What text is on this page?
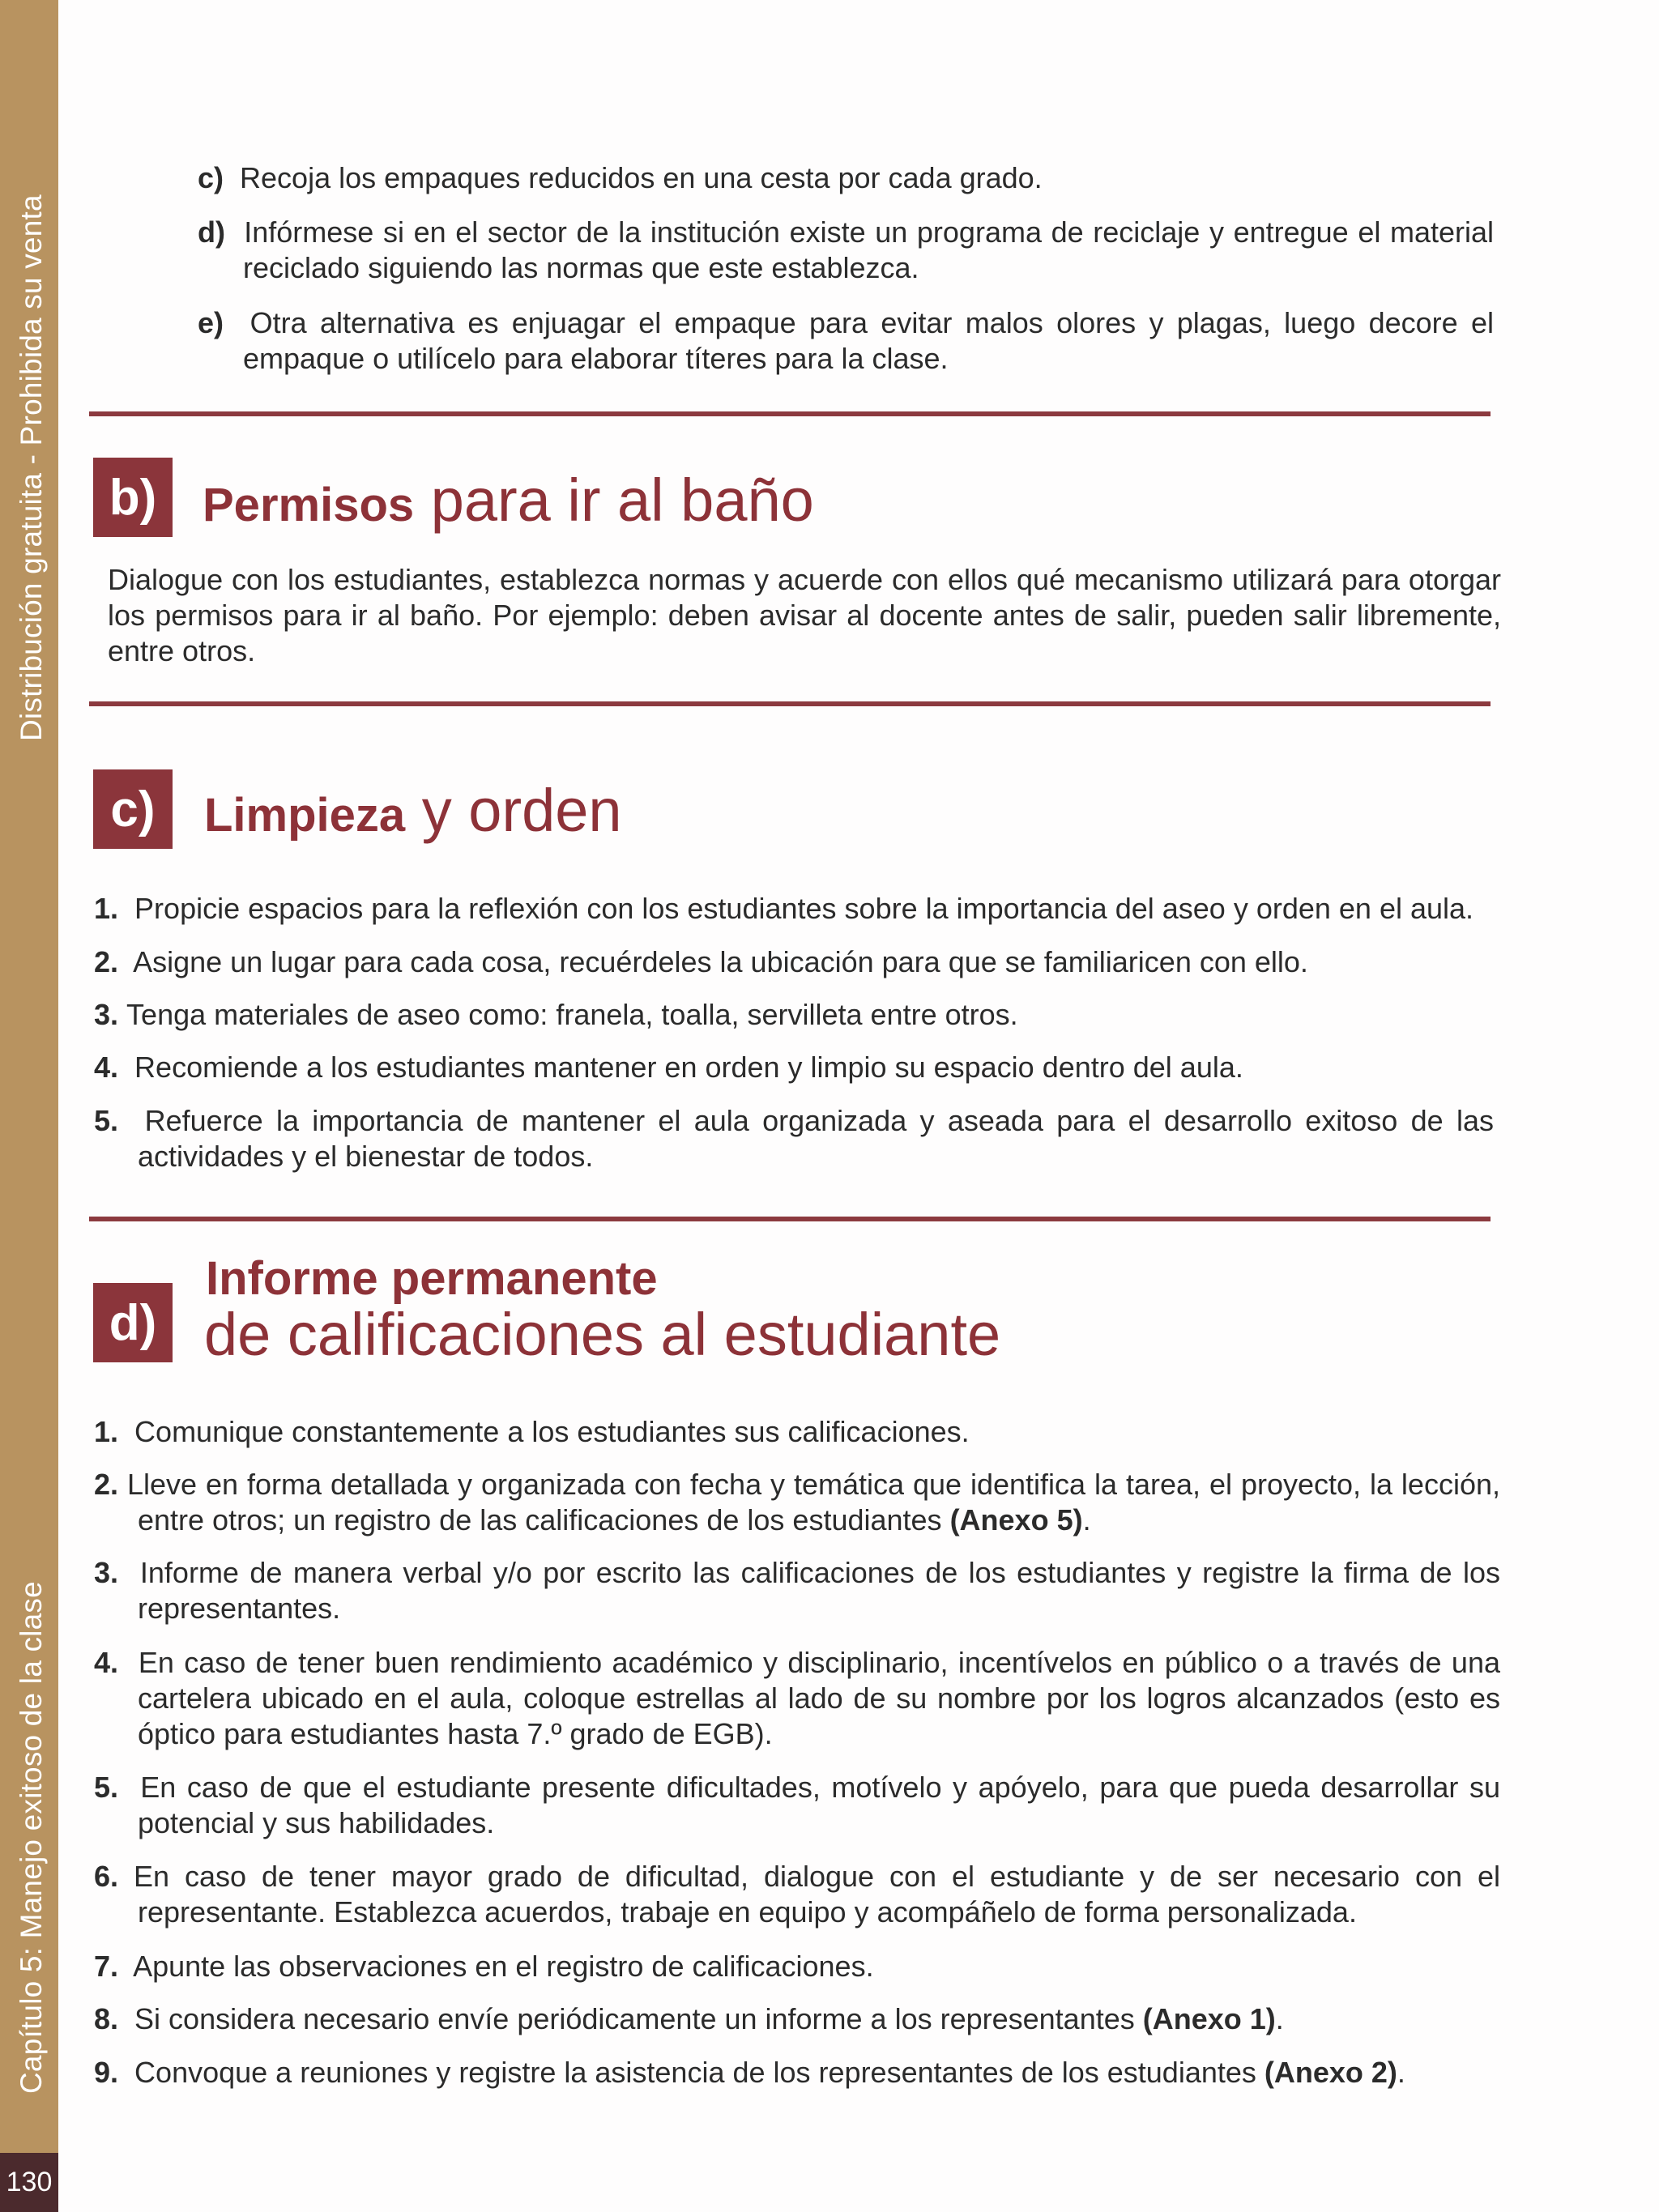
130
Distribución gratuita - Prohibida su venta
Capítulo 5: Manejo exitoso de la clase
c) Recoja los empaques reducidos en una cesta por cada grado.
d) Infórmese si en el sector de la institución existe un programa de reciclaje y entregue el material reciclado siguiendo las normas que este establezca.
e) Otra alternativa es enjuagar el empaque para evitar malos olores y plagas, luego decore el empaque o utilícelo para elaborar títeres para la clase.
b) Permisos para ir al baño
Dialogue con los estudiantes, establezca normas y acuerde con ellos qué mecanismo utilizará para otorgar los permisos para ir al baño. Por ejemplo: deben avisar al docente antes de salir, pueden salir libremente, entre otros.
c)	Limpieza y orden
1. Propicie espacios para la reflexión con los estudiantes sobre la importancia del aseo y orden en el aula.
2. Asigne un lugar para cada cosa, recuérdeles la ubicación para que se familiaricen con ello.
3. Tenga materiales de aseo como: franela, toalla, servilleta entre otros.
4. Recomiende a los estudiantes mantener en orden y limpio su espacio dentro del aula.
5. Refuerce la importancia de mantener el aula organizada y aseada para el desarrollo exitoso de las actividades y el bienestar de todos.
d)
Informe permanente
de calificaciones al estudiante
1. Comunique constantemente a los estudiantes sus calificaciones.
2. Lleve en forma detallada y organizada con fecha y temática que identifica la tarea, el proyecto, la lección, entre otros; un registro de las calificaciones de los estudiantes (Anexo 5).
3. Informe de manera verbal y/o por escrito las calificaciones de los estudiantes y registre la firma de los representantes.
4. En caso de tener buen rendimiento académico y disciplinario, incentívelos en público o a través de una cartelera ubicado en el aula, coloque estrellas al lado de su nombre por los logros alcanzados (esto es óptico para estudiantes hasta 7.º grado de EGB).
5. En caso de que el estudiante presente dificultades, motívelo y apóyelo, para que pueda desarrollar su potencial y sus habilidades.
6. En caso de tener mayor grado de dificultad, dialogue con el estudiante y de ser necesario con el representante. Establezca acuerdos, trabaje en equipo y acompáñelo de forma personalizada.
7. Apunte las observaciones en el registro de calificaciones.
8. Si considera necesario envíe periódicamente un informe a los representantes (Anexo 1).
9. Convoque a reuniones y registre la asistencia de los representantes de los estudiantes (Anexo 2).
